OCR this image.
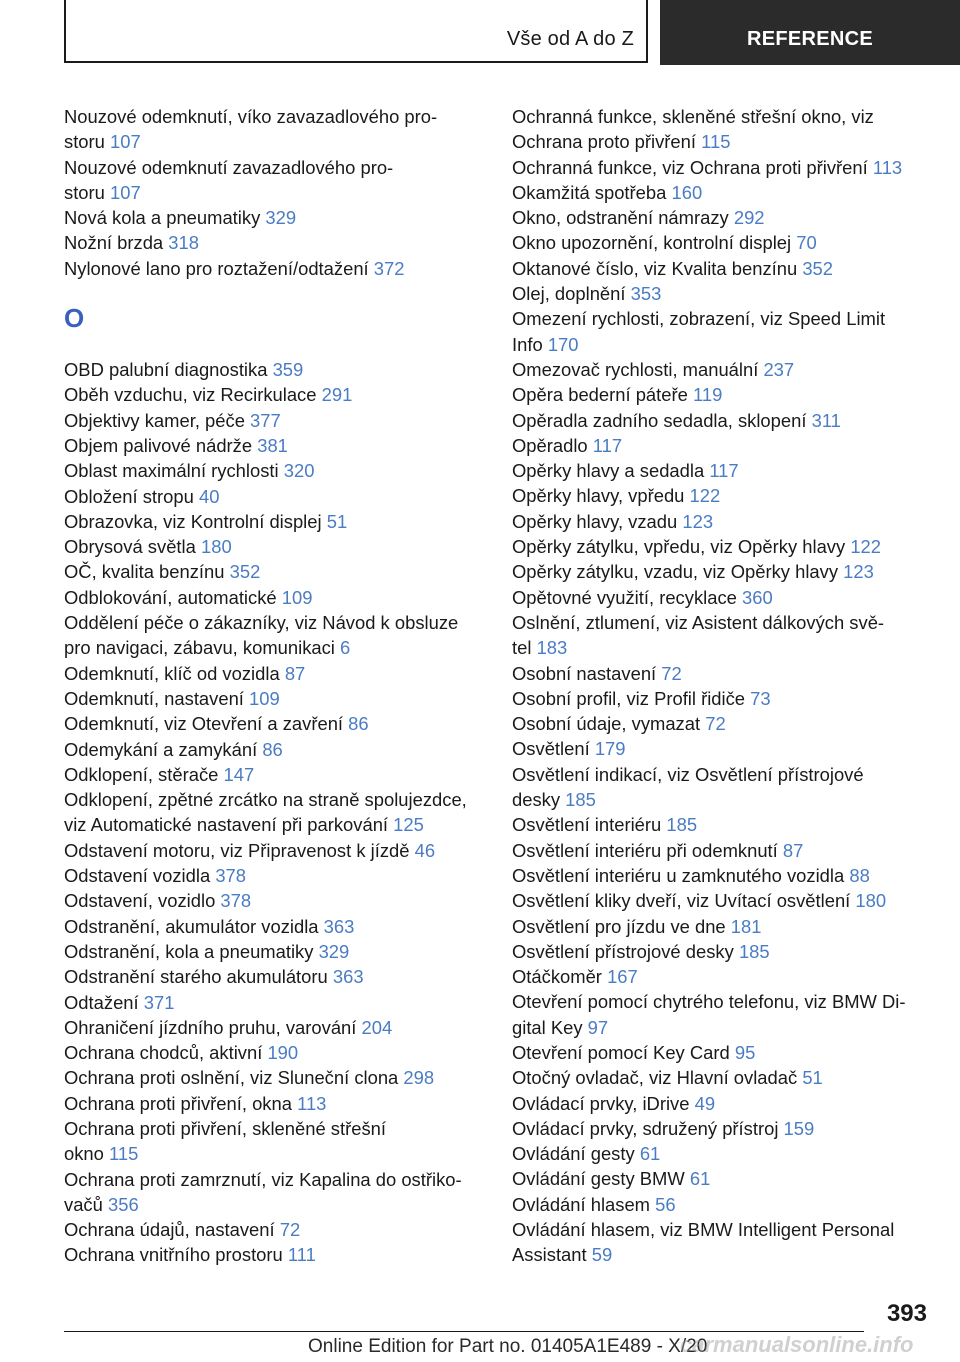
Vše od A do Z	REFERENCE

Nouzové odemknutí, víko zavazadlového pro-
storu 107

Nouzové odemknutí zavazadlového pro-
storu 107

Nová kola a pneumatiky 329

Nožní brzda 318

Nylonové lano pro roztažení/odtažení 372

O

OBD palubní diagnostika 359

Oběh vzduchu, viz Recirkulace 291

Objektivy kamer, péče 377

Objem palivové nádrže 381

Oblast maximální rychlosti 320

Obložení stropu 40

Obrazovka, viz Kontrolní displej 51

Obrysová světla 180

OČ, kvalita benzínu 352

Odblokování, automatické 109

Oddělení péče o zákazníky, viz Návod k obsluze
pro navigaci, zábavu, komunikaci 6

Odemknutí, klíč od vozidla 87

Odemknutí, nastavení 109

Odemknutí, viz Otevření a zavření 86

Odemykání a zamykání 86

Odklopení, stěrače 147

Odklopení, zpětné zrcátko na straně spolujezdce,
viz Automatické nastavení při parkování 125

Odstavení motoru, viz Připravenost k jízdě 46

Odstavení vozidla 378

Odstavení, vozidlo 378

Odstranění, akumulátor vozidla 363

Odstranění, kola a pneumatiky 329

Odstranění starého akumulátoru 363

Odtažení 371

Ohraničení jízdního pruhu, varování 204

Ochrana chodců, aktivní 190

Ochrana proti oslnění, viz Sluneční clona 298

Ochrana proti přivření, okna 113

Ochrana proti přivření, skleněné střešní
okno 115

Ochrana proti zamrznutí, viz Kapalina do ostřiko-
vačů 356

Ochrana údajů, nastavení 72

Ochrana vnitřního prostoru 111

Ochranná funkce, skleněné střešní okno, viz
Ochrana proto přivření 115

Ochranná funkce, viz Ochrana proti přivření 113

Okamžitá spotřeba 160

Okno, odstranění námrazy 292

Okno upozornění, kontrolní displej 70

Oktanové číslo, viz Kvalita benzínu 352

Olej, doplnění 353

Omezení rychlosti, zobrazení, viz Speed Limit
Info 170

Omezovač rychlosti, manuální 237

Opěra bederní páteře 119

Opěradla zadního sedadla, sklopení 311

Opěradlo 117

Opěrky hlavy a sedadla 117

Opěrky hlavy, vpředu 122

Opěrky hlavy, vzadu 123

Opěrky zátylku, vpředu, viz Opěrky hlavy 122

Opěrky zátylku, vzadu, viz Opěrky hlavy 123

Opětovné využití, recyklace 360

Oslnění, ztlumení, viz Asistent dálkových svě-
tel 183

Osobní nastavení 72

Osobní profil, viz Profil řidiče 73

Osobní údaje, vymazat 72

Osvětlení 179

Osvětlení indikací, viz Osvětlení přístrojové
desky 185

Osvětlení interiéru 185

Osvětlení interiéru při odemknutí 87

Osvětlení interiéru u zamknutého vozidla 88

Osvětlení kliky dveří, viz Uvítací osvětlení 180

Osvětlení pro jízdu ve dne 181

Osvětlení přístrojové desky 185

Otáčkoměr 167

Otevření pomocí chytrého telefonu, viz BMW Di-
gital Key 97

Otevření pomocí Key Card 95

Otočný ovladač, viz Hlavní ovladač 51

Ovládací prvky, iDrive 49

Ovládací prvky, sdružený přístroj 159

Ovládání gesty 61

Ovládání gesty BMW 61

Ovládání hlasem 56

Ovládání hlasem, viz BMW Intelligent Personal
Assistant 59

393
Online Edition for Part no. 01405A1E489 - X/20
carmanualsonline.info
